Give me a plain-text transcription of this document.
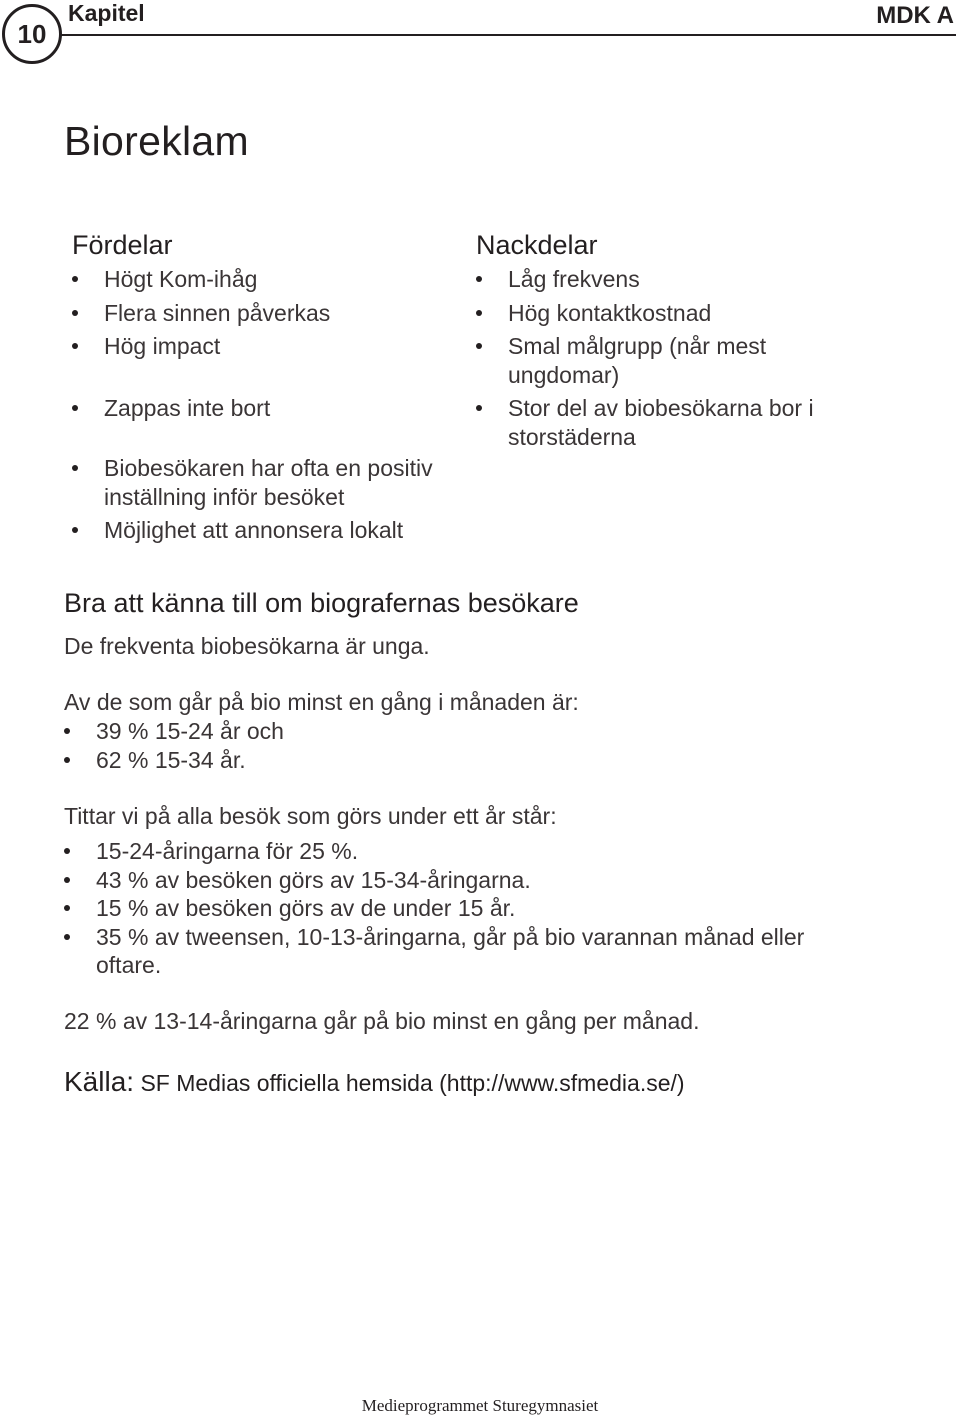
10
Kapitel	MDK A
Bioreklam
Fördelar
Högt Kom-ihåg
Flera sinnen påverkas
Hög impact
Zappas inte bort
Biobesökaren har ofta en positiv inställning inför besöket
Möjlighet att annonsera lokalt
Nackdelar
Låg frekvens
Hög kontaktkostnad
Smal målgrupp (når mest ungdomar)
Stor del av biobesökarna bor i storstäderna
Bra att känna till om biografernas besökare
De frekventa biobesökarna är unga.
Av de som går på bio minst en gång i månaden är:
39 % 15-24 år och
62 % 15-34 år.
Tittar vi på alla besök som görs under ett år står:
15-24-åringarna för 25 %.
43 % av besöken görs av 15-34-åringarna.
15 % av besöken görs av de under 15 år.
35 % av tweensen, 10-13-åringarna, går på bio varannan månad eller oftare.
22 % av 13-14-åringarna går på bio minst en gång per månad.
Källa: SF Medias officiella hemsida (http://www.sfmedia.se/)
Medieprogrammet Sturegymnasiet
